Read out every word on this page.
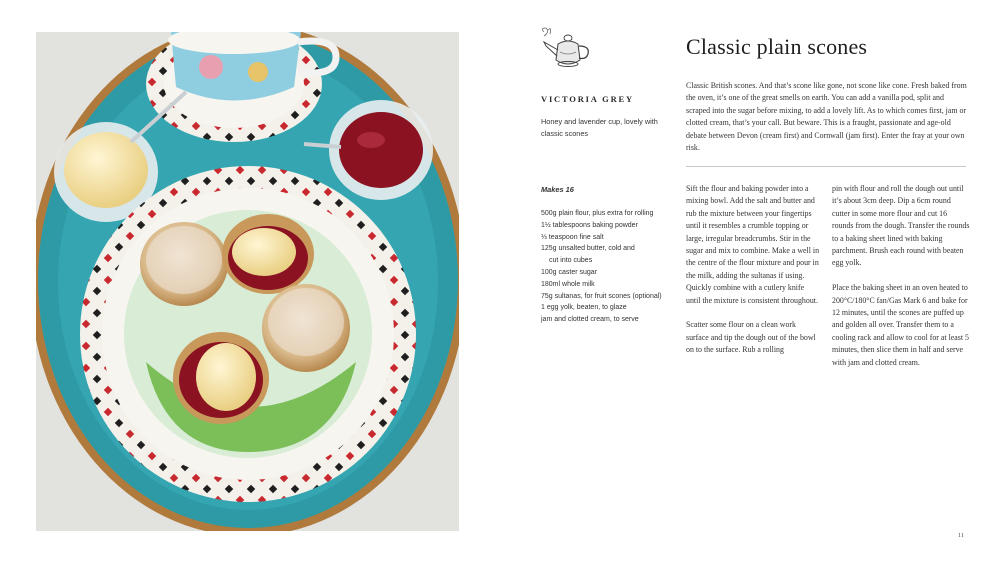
Classic plain scones
VICTORIA GREY
Honey and lavender cup, lovely with classic scones

Classic British scones. And that’s scone like gone, not scone like cone. Fresh baked from the oven, it’s one of the great smells on earth. You can add a vanilla pod, split and scraped into the sugar before mixing, to add a lovely lift. As to which comes first, jam or clotted cream, that’s your call. But beware. This is a fraught, passionate and age-old debate between Devon (cream first) and Cornwall (jam first). Enter the fray at your own risk.

Makes 16
500g plain flour, plus extra for rolling
1½ tablespoons baking powder
⅓ teaspoon fine salt
125g unsalted butter, cold and
cut into cubes
100g caster sugar
180ml whole milk
75g sultanas, for fruit scones (optional)
1 egg yolk, beaten, to glaze
jam and clotted cream, to serve

Sift the flour and baking powder into a mixing bowl. Add the salt and butter and rub the mixture between your fingertips until it resembles a crumble topping or large, irregular breadcrumbs. Stir in the sugar and mix to combine. Make a well in the centre of the flour mixture and pour in the milk, adding the sultanas if using. Quickly combine with a cutlery knife until the mixture is consistent throughout.

Scatter some flour on a clean work surface and tip the dough out of the bowl on to the surface. Rub a rolling

pin with flour and roll the dough out until it’s about 3cm deep. Dip a 6cm round cutter in some more flour and cut 16 rounds from the dough. Transfer the rounds to a baking sheet lined with baking parchment. Brush each round with beaten egg yolk.

Place the baking sheet in an oven heated to 200°C/180°C fan/Gas Mark 6 and bake for 12 minutes, until the scones are puffed up and golden all over. Transfer them to a cooling rack and allow to cool for at least 5 minutes, then slice them in half and serve with jam and clotted cream.

11
